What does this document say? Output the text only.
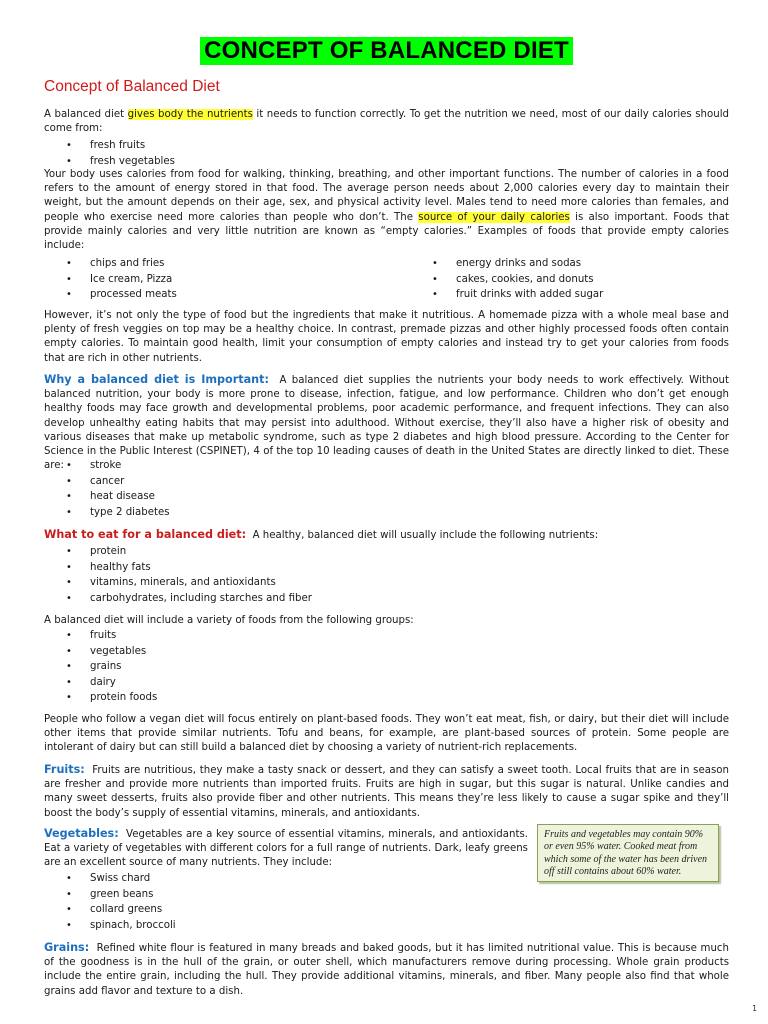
CONCEPT OF BALANCED DIET
Concept of Balanced Diet

A balanced diet gives body the nutrients it needs to function correctly. To get the nutrition we need, most of our daily calories should come from:

• fresh fruits
• fresh vegetables

Your body uses calories from food for walking, thinking, breathing, and other important functions. The number of calories in a food refers to the amount of energy stored in that food. The average person needs about 2,000 calories every day to maintain their weight, but the amount depends on their age, sex, and physical activity level. Males tend to need more calories than females, and people who exercise need more calories than people who don’t. The source of your daily calories is also important. Foods that provide mainly calories and very little nutrition are known as “empty calories.” Examples of foods that provide empty calories include:

• chips and fries
• Ice cream, Pizza
• processed meats
• energy drinks and sodas
• cakes, cookies, and donuts
• fruit drinks with added sugar

However, it’s not only the type of food but the ingredients that make it nutritious. A homemade pizza with a whole meal base and plenty of fresh veggies on top may be a healthy choice. In contrast, premade pizzas and other highly processed foods often contain empty calories. To maintain good health, limit your consumption of empty calories and instead try to get your calories from foods that are rich in other nutrients.

Why a balanced diet is Important: A balanced diet supplies the nutrients your body needs to work effectively. Without balanced nutrition, your body is more prone to disease, infection, fatigue, and low performance. Children who don’t get enough healthy foods may face growth and developmental problems, poor academic performance, and frequent infections. They can also develop unhealthy eating habits that may persist into adulthood. Without exercise, they’ll also have a higher risk of obesity and various diseases that make up metabolic syndrome, such as type 2 diabetes and high blood pressure. According to the Center for Science in the Public Interest (CSPINET), 4 of the top 10 leading causes of death in the United States are directly linked to diet. These are:

•	stroke
• cancer
• heat disease
• type 2 diabetes

What to eat for a balanced diet: A healthy, balanced diet will usually include the following nutrients:

• protein
• healthy fats
• vitamins, minerals, and antioxidants
• carbohydrates, including starches and fiber

A balanced diet will include a variety of foods from the following groups:

• fruits
• vegetables
• grains
• dairy
• protein foods

People who follow a vegan diet will focus entirely on plant-based foods. They won’t eat meat, fish, or dairy, but their diet will include other items that provide similar nutrients. Tofu and beans, for example, are plant-based sources of protein. Some people are intolerant of dairy but can still build a balanced diet by choosing a variety of nutrient-rich replacements.

Fruits: Fruits are nutritious, they make a tasty snack or dessert, and they can satisfy a sweet tooth. Local fruits that are in season are fresher and provide more nutrients than imported fruits. Fruits are high in sugar, but this sugar is natural. Unlike candies and many sweet desserts, fruits also provide fiber and other nutrients. This means they’re less likely to cause a sugar spike and they’ll boost the body’s supply of essential vitamins, minerals, and antioxidants.

Vegetables: Vegetables are a key source of essential vitamins, minerals, and antioxidants. Eat a variety of vegetables with different colors for a full range of nutrients. Dark, leafy greens are an excellent source of many nutrients. They include:

• Swiss chard
• green beans
• collard greens
• spinach, broccoli

Grains: Refined white flour is featured in many breads and baked goods, but it has limited nutritional value. This is because much of the goodness is in the hull of the grain, or outer shell, which manufacturers remove during processing. Whole grain products include the entire grain, including the hull. They provide additional vitamins, minerals, and fiber. Many people also find that whole grains add flavor and texture to a dish.

Fruits and vegetables may contain 90% or even 95% water. Cooked meat from which some of the water has been driven off still contains about 60% water.
1
